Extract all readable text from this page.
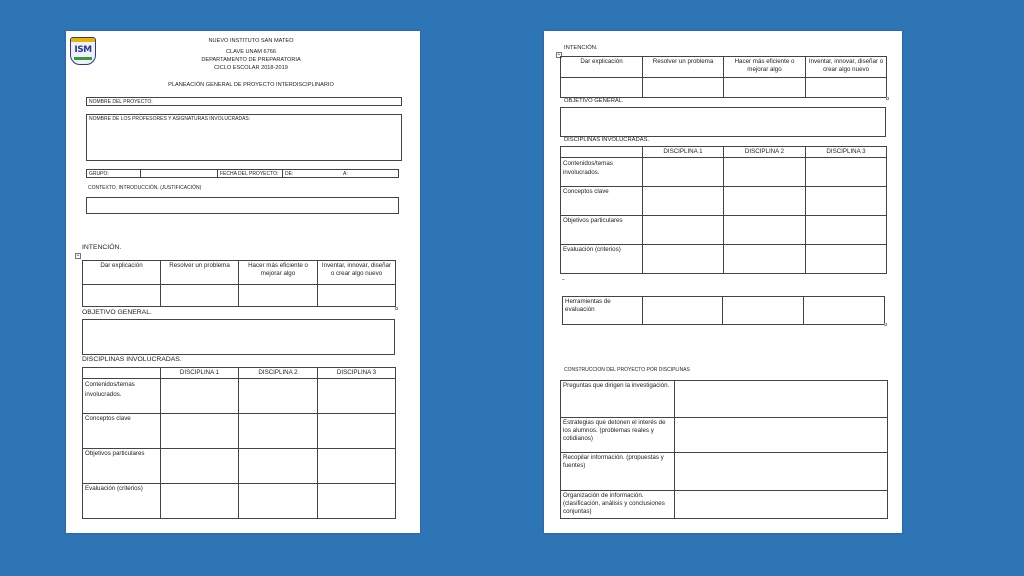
ISM
NUEVO INSTITUTO SAN MATEO
CLAVE UNAM 6766
DEPARTAMENTO DE PREPARATORIA
CICLO ESCOLAR 2018-2019
PLANEACIÓN GENERAL DE PROYECTO INTERDISCIPLINARIO
NOMBRE DEL PROYECTO:
NOMBRE DE LOS PROFESORES Y ASIGNATURAS INVOLUCRADAS:
GRUPO:	FECHA DEL PROYECTO: DE:	A:
CONTEXTO. INTRODUCCIÓN. (JUSTIFICACIÓN)
INTENCIÓN.
+
Dar explicación	Resolver un problema	Hacer más eficiente o mejorar algo	Inventar, innovar, diseñar o crear algo nuevo

OBJETIVO GENERAL.
DISCIPLINAS INVOLUCRADAS.
	DISCIPLINA 1	DISCIPLINA 2	DISCIPLINA 3
Contenidos/temas involucrados.			
Conceptos clave			
Objetivos particulares			
Evaluación (criterios)			
INTENCIÓN.
+
Dar explicación	Resolver un problema	Hacer más eficiente o mejorar algo	Inventar, innovar, diseñar o crear algo nuevo

OBJETIVO GENERAL.
DISCIPLINAS INVOLUCRADAS.
	DISCIPLINA 1	DISCIPLINA 2	DISCIPLINA 3
Contenidos/temas involucrados.			
Conceptos clave			
Objetivos particulares			
Evaluación (criterios)			
_
Herramientas de evaluación			
CONSTRUCCION DEL PROYECTO POR DISCIPLINAS
Preguntas que dirigen la investigación.	
Estrategias que detonen el interés de los alumnos. (problemas reales y cotidianos)	
Recopilar información. (propuestas y fuentes)	
Organización de información. (clasificación, análisis y conclusiones conjuntas)	
